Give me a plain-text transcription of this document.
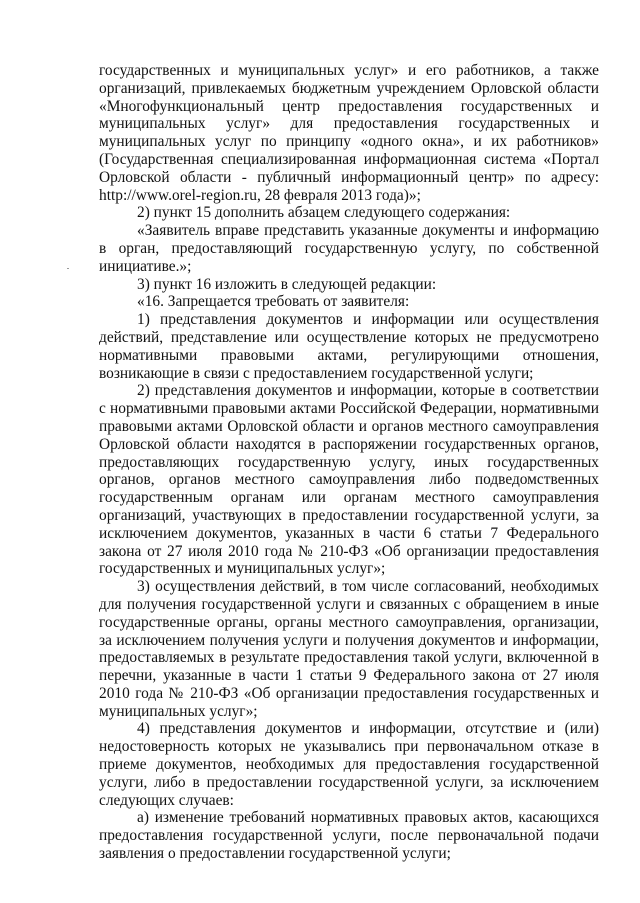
государственных и муниципальных услуг» и его работников, а также организаций, привлекаемых бюджетным учреждением Орловской области «Многофункциональный центр предоставления государственных и муниципальных услуг» для предоставления государственных и муниципальных услуг по принципу «одного окна», и их работников» (Государственная специализированная информационная система «Портал Орловской области - публичный информационный центр» по адресу: http://www.orel-region.ru, 28 февраля 2013 года)»;

2) пункт 15 дополнить абзацем следующего содержания:

«Заявитель вправе представить указанные документы и информацию в орган, предоставляющий государственную услугу, по собственной инициативе.»;

3) пункт 16 изложить в следующей редакции:

«16. Запрещается требовать от заявителя:

1) представления документов и информации или осуществления действий, представление или осуществление которых не предусмотрено нормативными правовыми актами, регулирующими отношения, возникающие в связи с предоставлением государственной услуги;

2) представления документов и информации, которые в соответствии с нормативными правовыми актами Российской Федерации, нормативными правовыми актами Орловской области и органов местного самоуправления Орловской области находятся в распоряжении государственных органов, предоставляющих государственную услугу, иных государственных органов, органов местного самоуправления либо подведомственных государственным органам или органам местного самоуправления организаций, участвующих в предоставлении государственной услуги, за исключением документов, указанных в части 6 статьи 7 Федерального закона от 27 июля 2010 года № 210-ФЗ «Об организации предоставления государственных и муниципальных услуг»;

3) осуществления действий, в том числе согласований, необходимых для получения государственной услуги и связанных с обращением в иные государственные органы, органы местного самоуправления, организации, за исключением получения услуги и получения документов и информации, предоставляемых в результате предоставления такой услуги, включенной в перечни, указанные в части 1 статьи 9 Федерального закона от 27 июля 2010 года № 210-ФЗ «Об организации предоставления государственных и муниципальных услуг»;

4) представления документов и информации, отсутствие и (или) недостоверность которых не указывались при первоначальном отказе в приеме документов, необходимых для предоставления государственной услуги, либо в предоставлении государственной услуги, за исключением следующих случаев:

а) изменение требований нормативных правовых актов, касающихся предоставления государственной услуги, после первоначальной подачи заявления о предоставлении государственной услуги;
